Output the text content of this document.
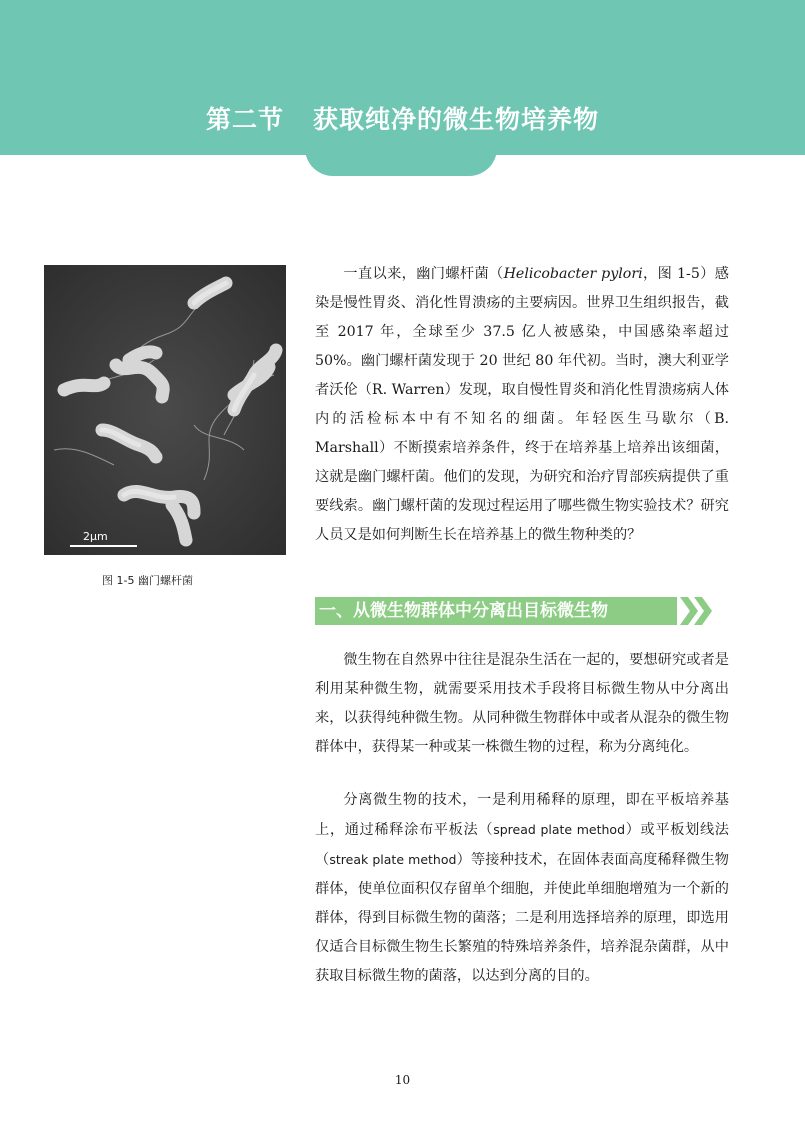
第二节   获取纯净的微生物培养物
2μm
图 1-5 幽门螺杆菌

一直以来，幽门螺杆菌（Helicobacter pylori，图 1-5）感染是慢性胃炎、消化性胃溃疡的主要病因。世界卫生组织报告，截至 2017 年，全球至少 37.5 亿人被感染，中国感染率超过 50%。幽门螺杆菌发现于 20 世纪 80 年代初。当时，澳大利亚学者沃伦（R. Warren）发现，取自慢性胃炎和消化性胃溃疡病人体内的活检标本中有不知名的细菌。年轻医生马歇尔（B. Marshall）不断摸索培养条件，终于在培养基上培养出该细菌，这就是幽门螺杆菌。他们的发现，为研究和治疗胃部疾病提供了重要线索。幽门螺杆菌的发现过程运用了哪些微生物实验技术？研究人员又是如何判断生长在培养基上的微生物种类的？

一、从微生物群体中分离出目标微生物

微生物在自然界中往往是混杂生活在一起的，要想研究或者是利用某种微生物，就需要采用技术手段将目标微生物从中分离出来，以获得纯种微生物。从同种微生物群体中或者从混杂的微生物群体中，获得某一种或某一株微生物的过程，称为分离纯化。

分离微生物的技术，一是利用稀释的原理，即在平板培养基上，通过稀释涂布平板法（spread plate method）或平板划线法（streak plate method）等接种技术，在固体表面高度稀释微生物群体，使单位面积仅存留单个细胞，并使此单细胞增殖为一个新的群体，得到目标微生物的菌落；二是利用选择培养的原理，即选用仅适合目标微生物生长繁殖的特殊培养条件，培养混杂菌群，从中获取目标微生物的菌落，以达到分离的目的。

10
